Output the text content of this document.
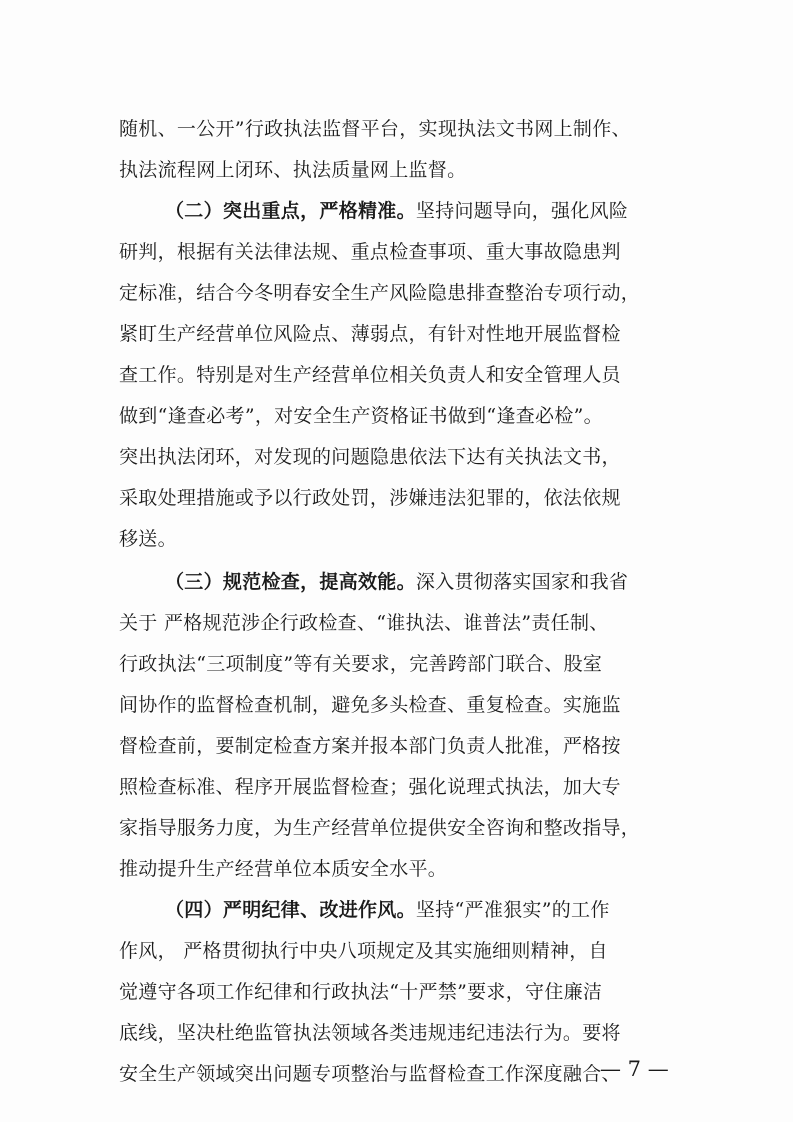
随机、一公开”行政执法监督平台，实现执法文书网上制作、
执法流程网上闭环、执法质量网上监督。
（二）突出重点，严格精准。坚持问题导向，强化风险
研判，根据有关法律法规、重点检查事项、重大事故隐患判
定标准，结合今冬明春安全生产风险隐患排查整治专项行动，
紧盯生产经营单位风险点、薄弱点，有针对性地开展监督检
查工作。特别是对生产经营单位相关负责人和安全管理人员
做到“逢查必考”，对安全生产资格证书做到“逢查必检”。
突出执法闭环，对发现的问题隐患依法下达有关执法文书，
采取处理措施或予以行政处罚，涉嫌违法犯罪的，依法依规
移送。
（三）规范检查，提高效能。深入贯彻落实国家和我省
关于 严格规范涉企行政检查、“谁执法、谁普法”责任制、
行政执法“三项制度”等有关要求，完善跨部门联合、股室
间协作的监督检查机制，避免多头检查、重复检查。实施监
督检查前，要制定检查方案并报本部门负责人批准，严格按
照检查标准、程序开展监督检查；强化说理式执法，加大专
家指导服务力度，为生产经营单位提供安全咨询和整改指导，
推动提升生产经营单位本质安全水平。
（四）严明纪律、改进作风。坚持“严准狠实”的工作
作风， 严格贯彻执行中央八项规定及其实施细则精神，自
觉遵守各项工作纪律和行政执法“十严禁”要求，守住廉洁
底线，坚决杜绝监管执法领域各类违规违纪违法行为。要将
安全生产领域突出问题专项整治与监督检查工作深度融合、
— 7 —
